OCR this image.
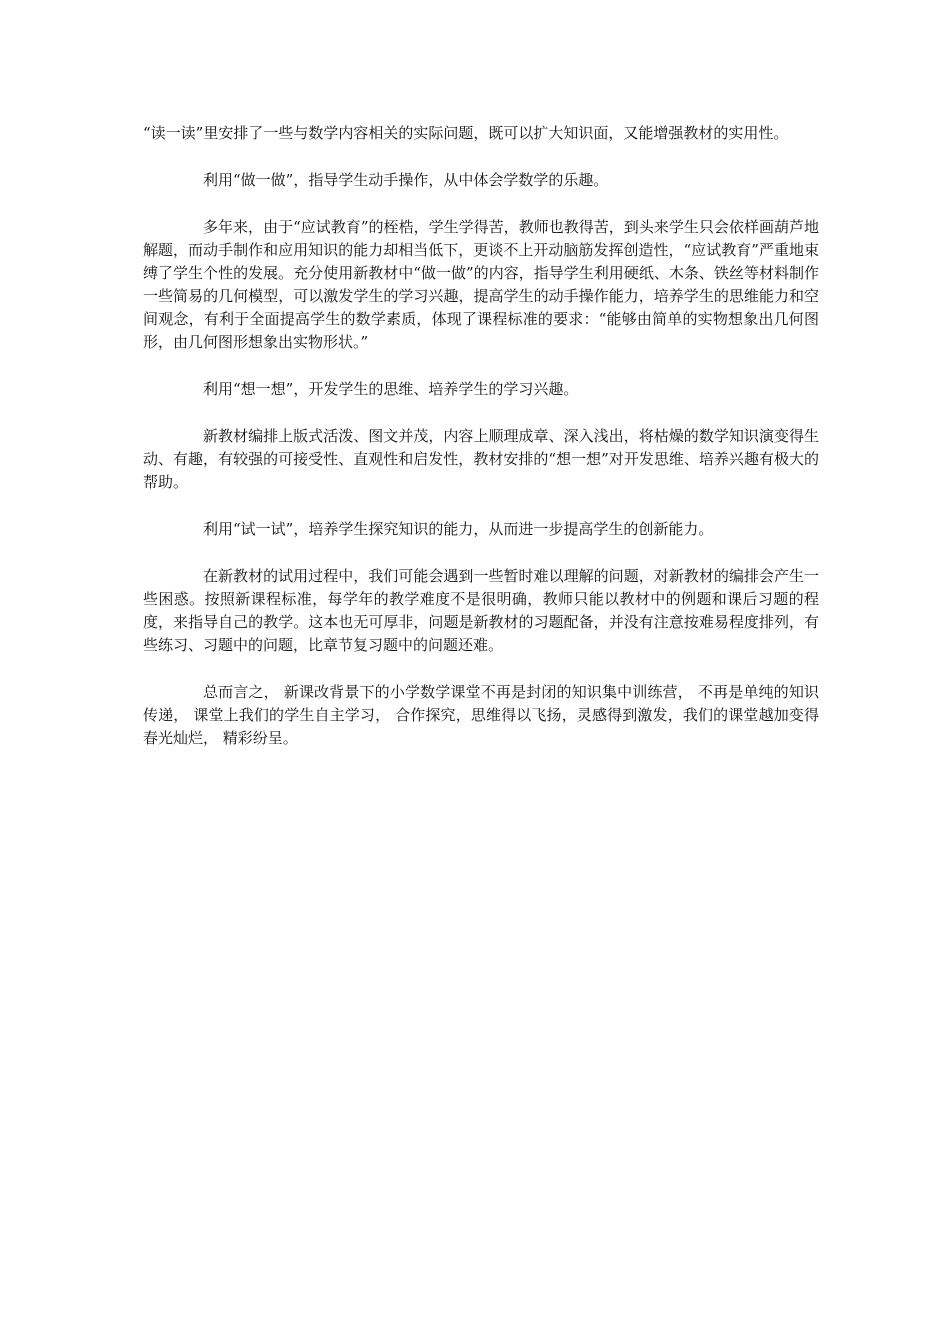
“读一读”里安排了一些与数学内容相关的实际问题，既可以扩大知识面，又能增强教材的实用性。

利用“做一做”，指导学生动手操作，从中体会学数学的乐趣。

多年来，由于“应试教育”的桎梏，学生学得苦，教师也教得苦，到头来学生只会依样画葫芦地解题，而动手制作和应用知识的能力却相当低下，更谈不上开动脑筋发挥创造性，“应试教育”严重地束缚了学生个性的发展。充分使用新教材中“做一做”的内容，指导学生利用硬纸、木条、铁丝等材料制作一些简易的几何模型，可以激发学生的学习兴趣，提高学生的动手操作能力，培养学生的思维能力和空间观念，有利于全面提高学生的数学素质，体现了课程标准的要求：“能够由简单的实物想象出几何图形，由几何图形想象出实物形状。”

利用“想一想”，开发学生的思维、培养学生的学习兴趣。

新教材编排上版式活泼、图文并茂，内容上顺理成章、深入浅出，将枯燥的数学知识演变得生动、有趣，有较强的可接受性、直观性和启发性，教材安排的“想一想”对开发思维、培养兴趣有极大的帮助。

利用“试一试”，培养学生探究知识的能力，从而进一步提高学生的创新能力。

在新教材的试用过程中，我们可能会遇到一些暂时难以理解的问题，对新教材的编排会产生一些困惑。按照新课程标准，每学年的教学难度不是很明确，教师只能以教材中的例题和课后习题的程度，来指导自己的教学。这本也无可厚非，问题是新教材的习题配备，并没有注意按难易程度排列，有些练习、习题中的问题，比章节复习题中的问题还难。

总而言之， 新课改背景下的小学数学课堂不再是封闭的知识集中训练营， 不再是单纯的知识传递， 课堂上我们的学生自主学习， 合作探究，思维得以飞扬，灵感得到激发，我们的课堂越加变得春光灿烂， 精彩纷呈。
